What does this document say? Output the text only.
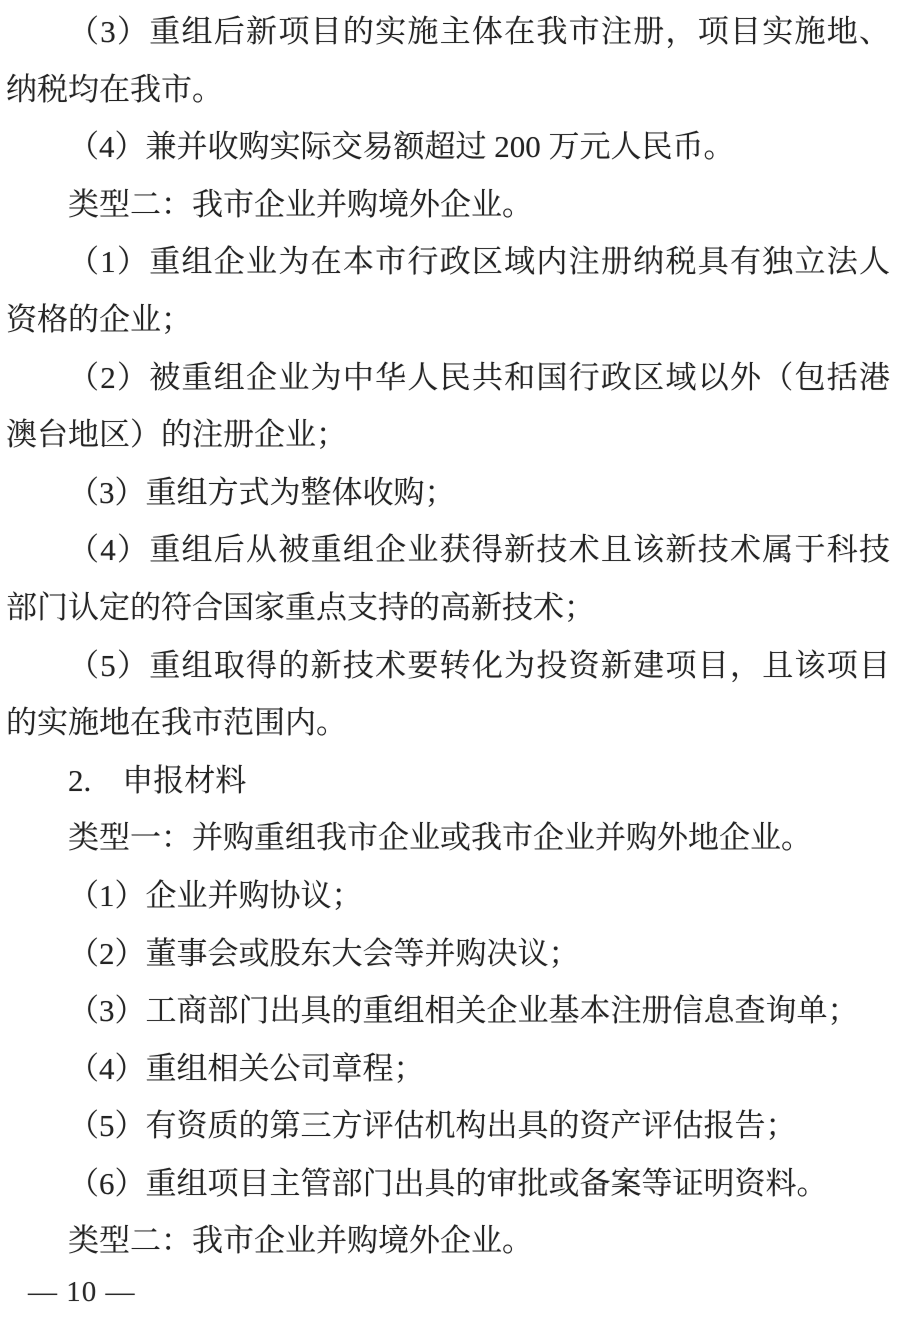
（3）重组后新项目的实施主体在我市注册，项目实施地、
纳税均在我市。
（4）兼并收购实际交易额超过 200 万元人民币。
类型二：我市企业并购境外企业。
（1）重组企业为在本市行政区域内注册纳税具有独立法人
资格的企业；
（2）被重组企业为中华人民共和国行政区域以外（包括港
澳台地区）的注册企业；
（3）重组方式为整体收购；
（4）重组后从被重组企业获得新技术且该新技术属于科技
部门认定的符合国家重点支持的高新技术；
（5）重组取得的新技术要转化为投资新建项目，且该项目
的实施地在我市范围内。
2.　申报材料
类型一：并购重组我市企业或我市企业并购外地企业。
（1）企业并购协议；
（2）董事会或股东大会等并购决议；
（3）工商部门出具的重组相关企业基本注册信息查询单；
（4）重组相关公司章程；
（5）有资质的第三方评估机构出具的资产评估报告；
（6）重组项目主管部门出具的审批或备案等证明资料。
类型二：我市企业并购境外企业。
— 10 —
